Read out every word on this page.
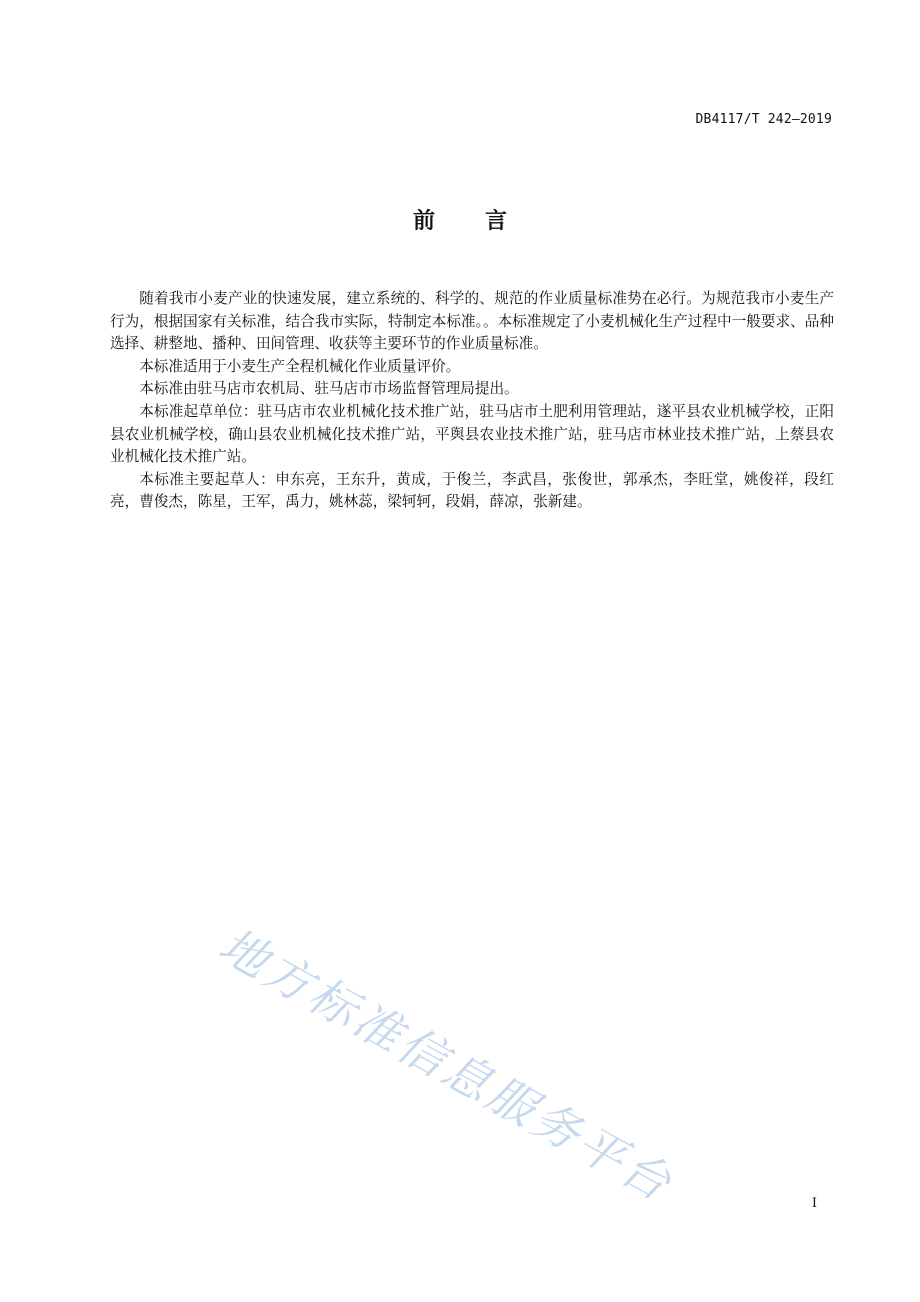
DB4117/T 242—2019
前言

随着我市小麦产业的快速发展，建立系统的、科学的、规范的作业质量标准势在必行。为规范我市小麦生产行为，根据国家有关标准，结合我市实际，特制定本标准。。本标准规定了小麦机械化生产过程中一般要求、品种选择、耕整地、播种、田间管理、收获等主要环节的作业质量标准。

本标准适用于小麦生产全程机械化作业质量评价。

本标准由驻马店市农机局、驻马店市市场监督管理局提出。

本标准起草单位：驻马店市农业机械化技术推广站，驻马店市土肥利用管理站，遂平县农业机械学校，正阳县农业机械学校，确山县农业机械化技术推广站，平舆县农业技术推广站，驻马店市林业技术推广站，上蔡县农业机械化技术推广站。

本标准主要起草人：申东亮，王东升，黄成，于俊兰，李武昌，张俊世，郭承杰，李旺堂，姚俊祥，段红亮，曹俊杰，陈星，王军，禹力，姚林蕊，梁轲轲，段娟，薛凉，张新建。

地方标准信息服务平台	I
